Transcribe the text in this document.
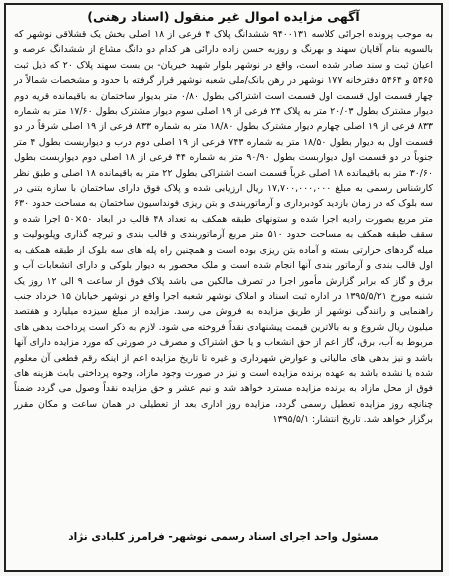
آگهی مزایده اموال غیر منقول (اسناد رهنی)
به موجب پرونده اجرائی کلاسه ۹۴۰۰۱۳۱ ششدانگ پلاک ۴ فرعی از ۱۸ اصلی بخش یک قشلاقی نوشهر که بالسویه بنام آقایان سهند و بهرنگ و روزبه حسن زاده دارائی هر کدام دو دانگ مشاع از ششدانگ عرصه و اعیان ثبت و سند صادر شده است، واقع در نوشهر بلوار شهید خیریان- بن بست سهند پلاک ۲۰ که ذیل ثبت ۵۴۶۵ و ۵۴۶۴ دفترخانه ۱۷۷ نوشهر در رهن بانک/ملی شعبه نوشهر قرار گرفته با حدود و مشخصات شمالاً در چهار قسمت اول قسمت اول قسمت است اشتراکی بطول ۰/۸۰ متر بدیوار ساختمان به باقیمانده قریه دوم دیوار مشترک بطول ۲۰/۰۳ متر به پلاک ۲۴ فرعی از ۱۹ اصلی سوم دیوار مشترک بطول ۱۷/۶۰ متر به شماره ۸۳۳ فرعی از ۱۹ اصلی چهارم دیوار مشترک بطول ۱۸/۸۰ متر به شماره ۸۳۳ فرعی از ۱۹ اصلی شرقاً در دو قسمت اول به دیوار بطول ۱۸/۵۰ متر به شماره ۷۴۳ فرعی از ۱۹ اصلی دوم درب و دیواربست بطول ۴ متر جنوباً در دو قسمت اول دیواربست بطول ۹۰/۹۰ متر به شماره ۴۴ فرعی از ۱۸ اصلی دوم دیواربست بطول ۳۰/۶۰ متر به باقیمانده ۱۸ اصلی غرباً قسمت است اشتراکی بطول ۲۲ متر به باقیمانده ۱۸ اصلی و طبق نظر کارشناس رسمی به مبلغ ۱۷,۷۰۰,۰۰۰,۰۰۰ ریال ارزیابی شده و پلاک فوق دارای ساختمان با سازه بتنی در سه بلوک که در زمان بازدید کودبرداری و آرماتوربندی و بتن ریزی فونداسیون ساختمان به مساحت حدود ۶۳۰ متر مربع بصورت رادیه اجرا شده و ستونهای طبقه همکف به تعداد ۴۸ قالب در ابعاد ۵۰×۵۰ اجرا شده و سقف طبقه همکف به مساحت حدود ۵۱۰ متر مربع آرماتوربندی و قالب بندی و تیرچه گذاری وپلوبولیت و میله گردهای حرارتی بسته و آماده بتن ریزی بوده است و همچنین راه پله های سه بلوک از طبقه همکف به اول قالب بندی و آرماتور بندی آنها انجام شده است و ملک محصور به دیوار بلوکی و دارای انشعابات آب و برق و گاز که برابر گزارش مأمور اجرا در تصرف مالکین می باشد پلاک فوق از ساعت ۹ الی ۱۲ روز یک شنبه مورخ ۱۳۹۵/۵/۲۱ در اداره ثبت اسناد و املاک نوشهر شعبه اجرا واقع در نوشهر خیابان ۱۵ خرداد جنب راهنمایی و رانندگی نوشهر از طریق مزایده به فروش می رسد. مزایده از مبلغ سیزده میلیارد و هفتصد میلیون ریال شروع و به بالاترین قیمت پیشنهادی نقداً فروخته می شود. لازم به ذکر است پرداخت بدهی های مربوط به آب، برق، گاز اعم از حق انشعاب و یا حق اشتراک و مصرف در صورتی که مورد مزایده دارای آنها باشد و نیز بدهی های مالیاتی و عوارض شهرداری و غیره تا تاریخ مزایده اعم از اینکه رقم قطعی آن معلوم شده یا نشده باشد به عهده برنده مزایده است و نیز در صورت وجود مازاد، وجوه پرداختی بابت هزینه های فوق از محل مازاد به برنده مزایده مسترد خواهد شد و نیم عشر و حق مزایده نقداً وصول می گردد ضمناً چنانچه روز مزایده تعطیل رسمی گردد، مزایده روز اداری بعد از تعطیلی در همان ساعت و مکان مقرر برگزار خواهد شد. تاریخ انتشار: ۱۳۹۵/۵/۱
مسئول واحد اجرای اسناد رسمی نوشهر- فرامرز کلبادی نژاد
